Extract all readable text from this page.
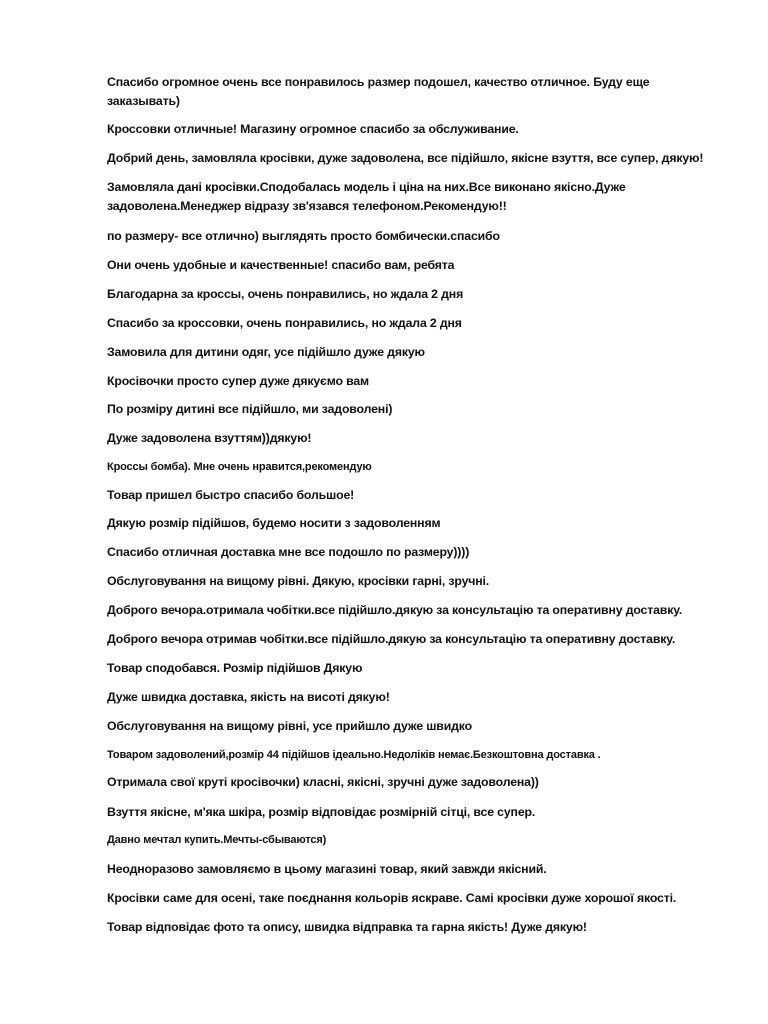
Спасибо огромное очень все понравилось размер подошел, качество отличное. Буду еще заказывать)

Кроссовки отличные! Магазину огромное спасибо за обслуживание.

Добрий день, замовляла кросівки, дуже задоволена, все підійшло, якісне взуття, все супер, дякую!

Замовляла дані кросівки.Сподобалась модель і ціна на них.Все виконано якісно.Дуже задоволена.Менеджер відразу зв'язався телефоном.Рекомендую!!

по размеру- все отлично) выглядять просто бомбически.спасибо

Они очень удобные и качественные! спасибо вам, ребята

Благодарна за кроссы, очень понравились, но ждала 2 дня

Спасибо за кроссовки, очень понравились, но ждала 2 дня

Замовила для дитини одяг, усе підійшло дуже дякую

Кросівочки просто супер дуже дякуємо вам

По розміру дитині все підійшло, ми задоволені)

Дуже задоволена взуттям))дякую!

Кроссы бомба). Мне очень нравится,рекомендую

Товар пришел быстро спасибо большое!

Дякую розмір підійшов, будемо носити з задоволенням

Спасибо отличная доставка мне все подошло по размеру))))

Обслуговування на вищому рівні. Дякую, кросівки гарні, зручні.

Доброго вечора.отримала чобітки.все підійшло.дякую за консультацію та оперативну доставку.

Доброго вечора отримав чобітки.все підійшло.дякую за консультацію та оперативну доставку.

Товар сподобався. Розмір підійшов Дякую

Дуже швидка доставка, якість на висоті дякую!

Обслуговування на вищому рівні, усе прийшло дуже швидко

Товаром задоволений,розмір 44 підійшов ідеально.Недоліків немає.Безкоштовна доставка .

Отримала свої круті кросівочки) класні, якісні, зручні дуже задоволена))

Взуття якісне, м'яка шкіра, розмір відповідає розмірній сітці, все супер.

Давно мечтал купить.Мечты-сбываются)

Неодноразово замовляємо в цьому магазині товар, який завжди якісний.

Кросівки саме для осені, таке поєднання кольорів яскраве. Самі кросівки дуже хорошої якості.

Товар відповідає фото та опису, швидка відправка та гарна якість! Дуже дякую!
